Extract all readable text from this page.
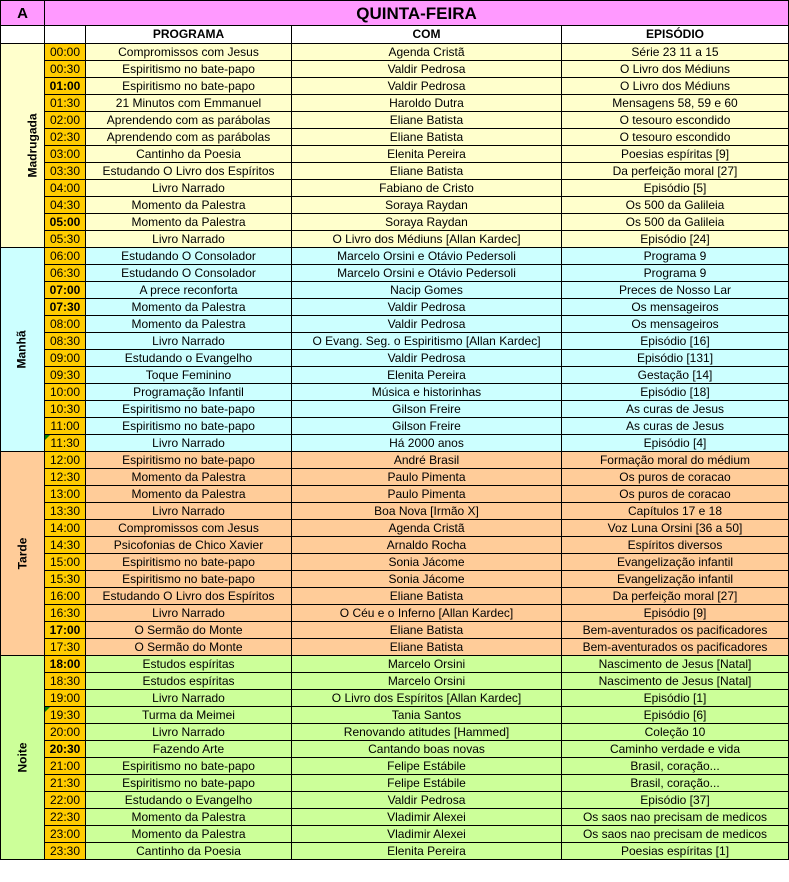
A	QUINTA-FEIRA			
		PROGRAMA	COM	EPISÓDIO
Madrugada	00:00	Compromissos com Jesus	Agenda Cristã	Série 23 11 a 15
	00:30	Espiritismo no bate-papo	Valdir Pedrosa	O Livro dos Médiuns
	01:00	Espiritismo no bate-papo	Valdir Pedrosa	O Livro dos Médiuns
	01:30	21 Minutos com Emmanuel	Haroldo Dutra	Mensagens 58, 59 e 60
	02:00	Aprendendo com as parábolas	Eliane Batista	O tesouro escondido
	02:30	Aprendendo com as parábolas	Eliane Batista	O tesouro escondido
	03:00	Cantinho da Poesia	Elenita Pereira	Poesias espíritas [9]
	03:30	Estudando O Livro dos Espíritos	Eliane Batista	Da perfeição moral [27]
	04:00	Livro Narrado	Fabiano de Cristo	Episódio [5]
	04:30	Momento da Palestra	Soraya Raydan	Os 500 da Galileia
	05:00	Momento da Palestra	Soraya Raydan	Os 500 da Galileia
	05:30	Livro Narrado	O Livro dos Médiuns [Allan Kardec]	Episódio [24]
Manhã	06:00	Estudando O Consolador	Marcelo Orsini e Otávio Pedersoli	Programa 9
	06:30	Estudando O Consolador	Marcelo Orsini e Otávio Pedersoli	Programa 9
	07:00	A prece reconforta	Nacip Gomes	Preces de Nosso Lar
	07:30	Momento da Palestra	Valdir Pedrosa	Os mensageiros
	08:00	Momento da Palestra	Valdir Pedrosa	Os mensageiros
	08:30	Livro Narrado	O Evang. Seg. o Espiritismo [Allan Kardec]	Episódio [16]
	09:00	Estudando o Evangelho	Valdir Pedrosa	Episódio [131]
	09:30	Toque Feminino	Elenita Pereira	Gestação [14]
	10:00	Programação Infantil	Música e historinhas	Episódio [18]
	10:30	Espiritismo no bate-papo	Gilson Freire	As curas de Jesus
	11:00	Espiritismo no bate-papo	Gilson Freire	As curas de Jesus
	11:30	Livro Narrado	Há 2000 anos	Episódio [4]
Tarde	12:00	Espiritismo no bate-papo	André Brasil	Formação moral do médium
	12:30	Momento da Palestra	Paulo Pimenta	Os puros de coracao
	13:00	Momento da Palestra	Paulo Pimenta	Os puros de coracao
	13:30	Livro Narrado	Boa Nova [Irmão X]	Capítulos 17 e 18
	14:00	Compromissos com Jesus	Agenda Cristã	Voz Luna Orsini [36 a 50]
	14:30	Psicofonias de Chico Xavier	Arnaldo Rocha	Espíritos diversos
	15:00	Espiritismo no bate-papo	Sonia Jácome	Evangelização infantil
	15:30	Espiritismo no bate-papo	Sonia Jácome	Evangelização infantil
	16:00	Estudando O Livro dos Espíritos	Eliane Batista	Da perfeição moral [27]
	16:30	Livro Narrado	O Céu e o Inferno [Allan Kardec]	Episódio [9]
	17:00	O Sermão do Monte	Eliane Batista	Bem-aventurados os pacificadores
	17:30	O Sermão do Monte	Eliane Batista	Bem-aventurados os pacificadores
Noite	18:00	Estudos espíritas	Marcelo Orsini	Nascimento de Jesus [Natal]
	18:30	Estudos espíritas	Marcelo Orsini	Nascimento de Jesus [Natal]
	19:00	Livro Narrado	O Livro dos Espíritos [Allan Kardec]	Episódio [1]
	19:30	Turma da Meimei	Tania Santos	Episódio [6]
	20:00	Livro Narrado	Renovando atitudes [Hammed]	Coleção 10
	20:30	Fazendo Arte	Cantando boas novas	Caminho verdade e vida
	21:00	Espiritismo no bate-papo	Felipe Estábile	Brasil, coração...
	21:30	Espiritismo no bate-papo	Felipe Estábile	Brasil, coração...
	22:00	Estudando o Evangelho	Valdir Pedrosa	Episódio [37]
	22:30	Momento da Palestra	Vladimir Alexei	Os saos nao precisam de medicos
	23:00	Momento da Palestra	Vladimir Alexei	Os saos nao precisam de medicos
	23:30	Cantinho da Poesia	Elenita Pereira	Poesias espíritas [1]
